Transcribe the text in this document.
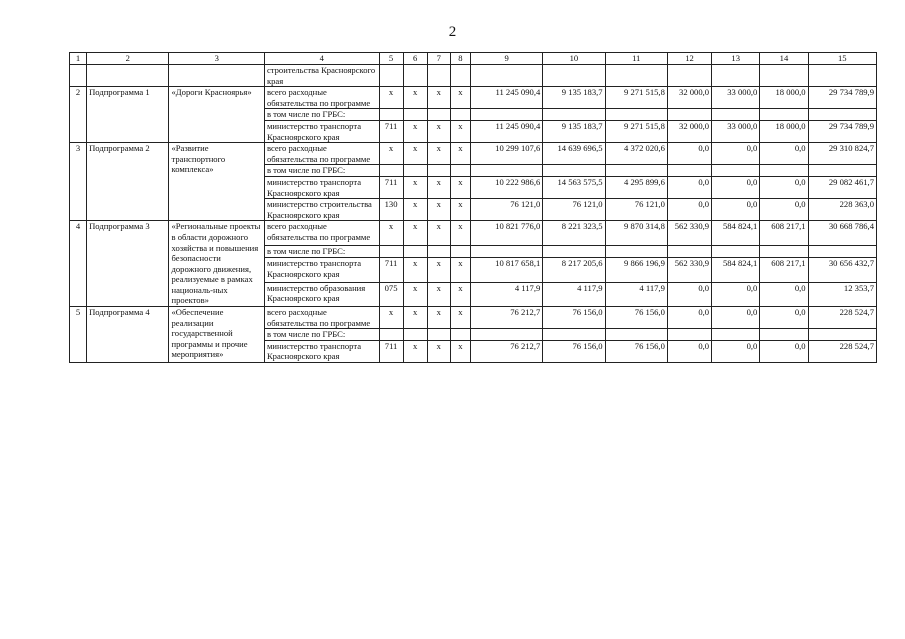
2
1	2	3	4	5	6	7	8	9	10	11	12	13	14	15
			строительства Красноярского края											
2	Подпрограмма 1	«Дороги Красноярья»	всего расходные обязательства по программе	х	х	х	х	11 245 090,4	9 135 183,7	9 271 515,8	32 000,0	33 000,0	18 000,0	29 734 789,9
			в том числе по ГРБС:											
			министерство транспорта Красноярского края	711	х	х	х	11 245 090,4	9 135 183,7	9 271 515,8	32 000,0	33 000,0	18 000,0	29 734 789,9
3	Подпрограмма 2	«Развитие транспортного комплекса»	всего расходные обязательства по программе	х	х	х	х	10 299 107,6	14 639 696,5	4 372 020,6	0,0	0,0	0,0	29 310 824,7
			в том числе по ГРБС:											
			министерство транспорта Красноярского края	711	х	х	х	10 222 986,6	14 563 575,5	4 295 899,6	0,0	0,0	0,0	29 082 461,7
			министерство строительства Красноярского края	130	х	х	х	76 121,0	76 121,0	76 121,0	0,0	0,0	0,0	228 363,0
4	Подпрограмма 3	«Региональные проекты в области дорожного хозяйства и повышения безопасности дорожного движения, реализуемые в рамках националь-ных проектов»	всего расходные обязательства по программе	х	х	х	х	10 821 776,0	8 221 323,5	9 870 314,8	562 330,9	584 824,1	608 217,1	30 668 786,4
			в том числе по ГРБС:											
			министерство транспорта Красноярского края	711	х	х	х	10 817 658,1	8 217 205,6	9 866 196,9	562 330,9	584 824,1	608 217,1	30 656 432,7
			министерство образования Красноярского края	075	х	х	х	4 117,9	4 117,9	4 117,9	0,0	0,0	0,0	12 353,7
5	Подпрограмма 4	«Обеспечение реализации государственной программы и прочие мероприятия»	всего расходные обязательства по программе	х	х	х	х	76 212,7	76 156,0	76 156,0	0,0	0,0	0,0	228 524,7
			в том числе по ГРБС:											
			министерство транспорта Красноярского края	711	х	х	х	76 212,7	76 156,0	76 156,0	0,0	0,0	0,0	228 524,7
